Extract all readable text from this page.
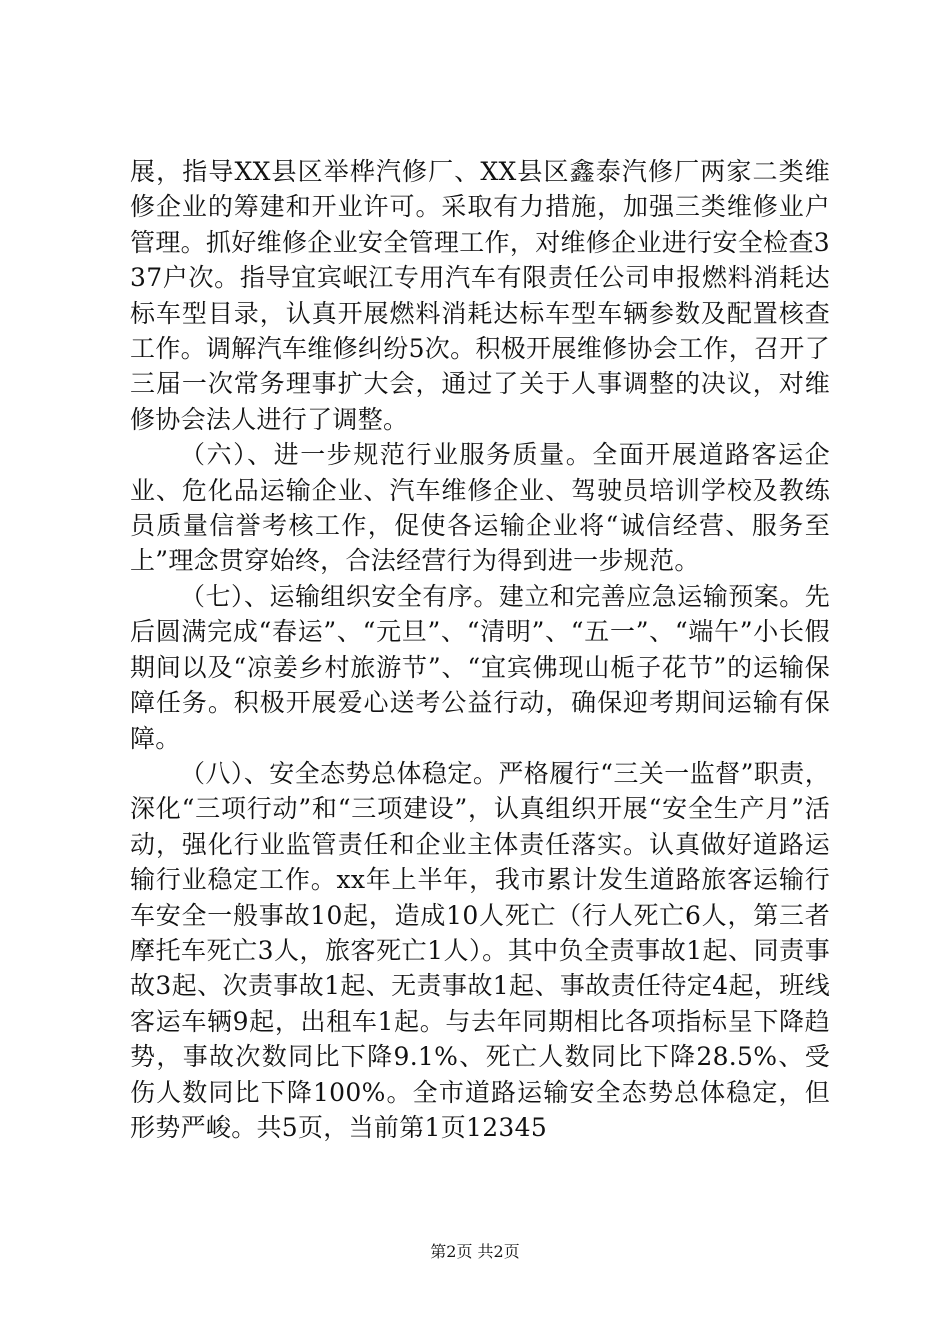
展，指导XX县区举桦汽修厂、XX县区鑫泰汽修厂两家二类维修企业的筹建和开业许可。采取有力措施，加强三类维修业户管理。抓好维修企业安全管理工作，对维修企业进行安全检查337户次。指导宜宾岷江专用汽车有限责任公司申报燃料消耗达标车型目录，认真开展燃料消耗达标车型车辆参数及配置核查工作。调解汽车维修纠纷5次。积极开展维修协会工作，召开了三届一次常务理事扩大会，通过了关于人事调整的决议，对维修协会法人进行了调整。

（六）、进一步规范行业服务质量。全面开展道路客运企业、危化品运输企业、汽车维修企业、驾驶员培训学校及教练员质量信誉考核工作，促使各运输企业将“诚信经营、服务至上”理念贯穿始终，合法经营行为得到进一步规范。

（七）、运输组织安全有序。建立和完善应急运输预案。先后圆满完成“春运”、“元旦”、“清明”、“五一”、“端午”小长假期间以及“凉姜乡村旅游节”、“宜宾佛现山栀子花节”的运输保障任务。积极开展爱心送考公益行动，确保迎考期间运输有保障。

（八）、安全态势总体稳定。严格履行“三关一监督”职责，深化“三项行动”和“三项建设”，认真组织开展“安全生产月”活动，强化行业监管责任和企业主体责任落实。认真做好道路运输行业稳定工作。xx年上半年，我市累计发生道路旅客运输行车安全一般事故10起，造成10人死亡（行人死亡6人，第三者摩托车死亡3人，旅客死亡1人）。其中负全责事故1起、同责事故3起、次责事故1起、无责事故1起、事故责任待定4起，班线客运车辆9起，出租车1起。与去年同期相比各项指标呈下降趋势，事故次数同比下降9.1%、死亡人数同比下降28.5%、受伤人数同比下降100%。全市道路运输安全态势总体稳定，但形势严峻。共5页，当前第1页12345

第2页 共2页
